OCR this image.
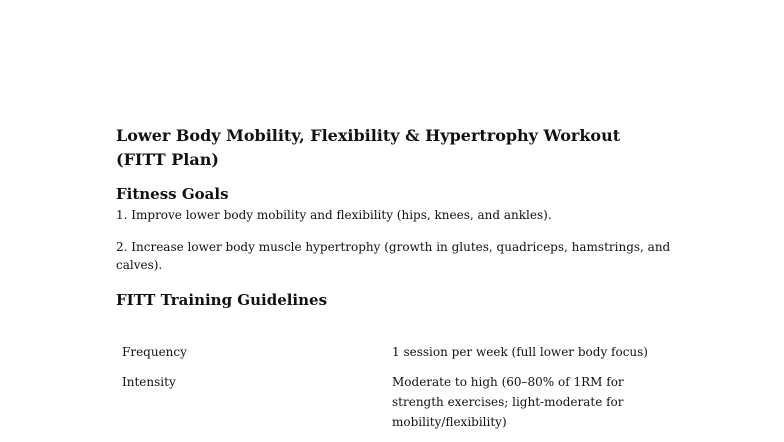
Lower Body Mobility, Flexibility & Hypertrophy Workout (FITT Plan)
Fitness Goals

1. Improve lower body mobility and flexibility (hips, knees, and ankles).

2. Increase lower body muscle hypertrophy (growth in glutes, quadriceps, hamstrings, and calves).

FITT Training Guidelines
Frequency	1 session per week (full lower body focus)
Intensity	Moderate to high (60–80% of 1RM for strength exercises; light-moderate for mobility/flexibility)
